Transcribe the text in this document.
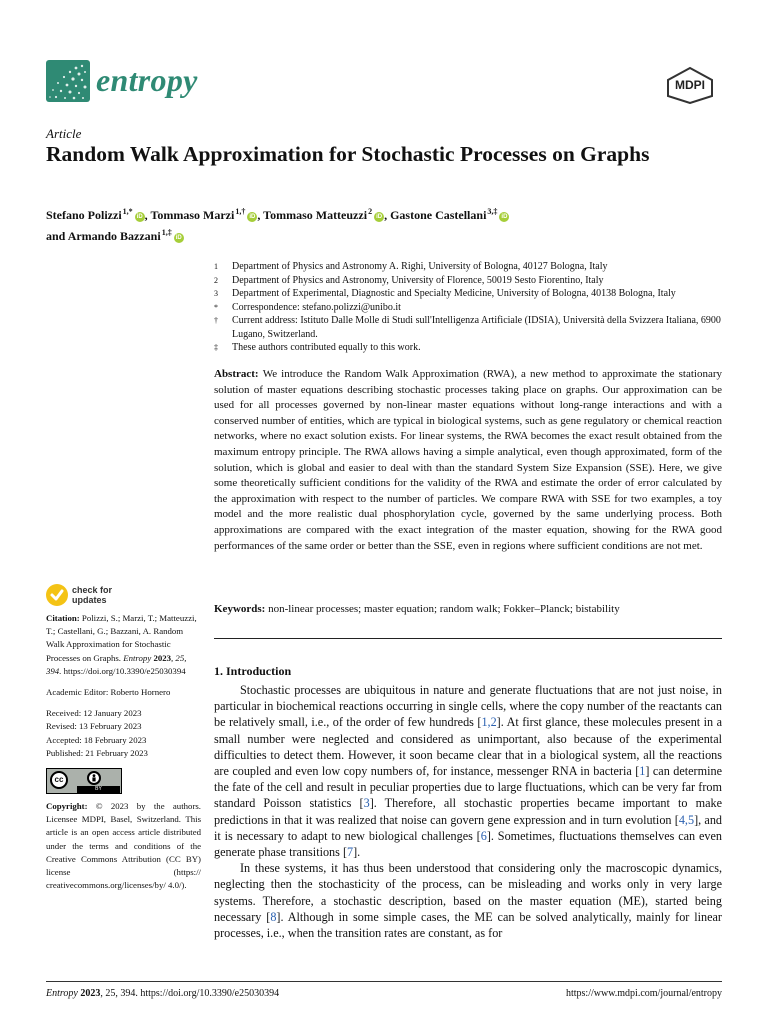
entropy	MDPI
Article
Random Walk Approximation for Stochastic Processes on Graphs
Stefano Polizzi $^{1,*}$iD , Tommaso Marzi $^{1,\dagger}$iD , Tommaso Matteuzzi $^2$iD , Gastone Castellani $^{3,\ddagger}$iD
and Armando Bazzani $^{1,\ddagger}$iD
1	Department of Physics and Astronomy A. Righi, University of Bologna, 40127 Bologna, Italy
2	Department of Physics and Astronomy, University of Florence, 50019 Sesto Fiorentino, Italy
3	Department of Experimental, Diagnostic and Specialty Medicine, University of Bologna, 40138 Bologna, Italy
*	Correspondence: stefano.polizzi@unibo.it
†	Current address: Istituto Dalle Molle di Studi sull'Intelligenza Artificiale (IDSIA), Università della Svizzera Italiana, 6900 Lugano, Switzerland.
‡	These authors contributed equally to this work.
Abstract: We introduce the Random Walk Approximation (RWA), a new method to approximate the stationary solution of master equations describing stochastic processes taking place on graphs. Our approximation can be used for all processes governed by non-linear master equations without long-range interactions and with a conserved number of entities, which are typical in biological systems, such as gene regulatory or chemical reaction networks, where no exact solution exists. For linear systems, the RWA becomes the exact result obtained from the maximum entropy principle. The RWA allows having a simple analytical, even though approximated, form of the solution, which is global and easier to deal with than the standard System Size Expansion (SSE). Here, we give some theoretically sufficient conditions for the validity of the RWA and estimate the order of error calculated by the approximation with respect to the number of particles. We compare RWA with SSE for two examples, a toy model and the more realistic dual phosphorylation cycle, governed by the same underlying process. Both approximations are compared with the exact integration of the master equation, showing for the RWA good performances of the same order or better than the SSE, even in regions where sufficient conditions are not met.
Keywords: non-linear processes; master equation; random walk; Fokker–Planck; bistability
check for
updates
Citation: Polizzi, S.; Marzi, T.; Matteuzzi, T.; Castellani, G.; Bazzani, A. Random Walk Approximation for Stochastic Processes on Graphs. Entropy 2023, 25, 394. https://doi.org/10.3390/e25030394
Academic Editor: Roberto Hornero
Received: 12 January 2023
Revised: 13 February 2023
Accepted: 18 February 2023
Published: 21 February 2023
cc
BY
Copyright: © 2023 by the authors. Licensee MDPI, Basel, Switzerland. This article is an open access article distributed under the terms and conditions of the Creative Commons Attribution (CC BY) license (https:// creativecommons.org/licenses/by/ 4.0/).
1. Introduction

Stochastic processes are ubiquitous in nature and generate fluctuations that are not just noise, in particular in biochemical reactions occurring in single cells, where the copy number of the reactants can be relatively small, i.e., of the order of few hundreds [1,2]. At first glance, these molecules present in a small number were neglected and considered as unimportant, also because of the experimental difficulties to detect them. However, it soon became clear that in a biological system, all the reactions are coupled and even low copy numbers of, for instance, messenger RNA in bacteria [1] can determine the fate of the cell and result in peculiar properties due to large fluctuations, which can be very far from standard Poisson statistics [3]. Therefore, all stochastic properties became important to make predictions in that it was realized that noise can govern gene expression and in turn evolution [4,5], and it is necessary to adapt to new biological challenges [6]. Sometimes, fluctuations themselves can even generate phase transitions [7].

In these systems, it has thus been understood that considering only the macroscopic dynamics, neglecting then the stochasticity of the process, can be misleading and works only in very large systems. Therefore, a stochastic description, based on the master equation (ME), started being necessary [8]. Although in some simple cases, the ME can be solved analytically, mainly for linear processes, i.e., when the transition rates are constant, as for

Entropy 2023, 25, 394. https://doi.org/10.3390/e25030394	https://www.mdpi.com/journal/entropy
